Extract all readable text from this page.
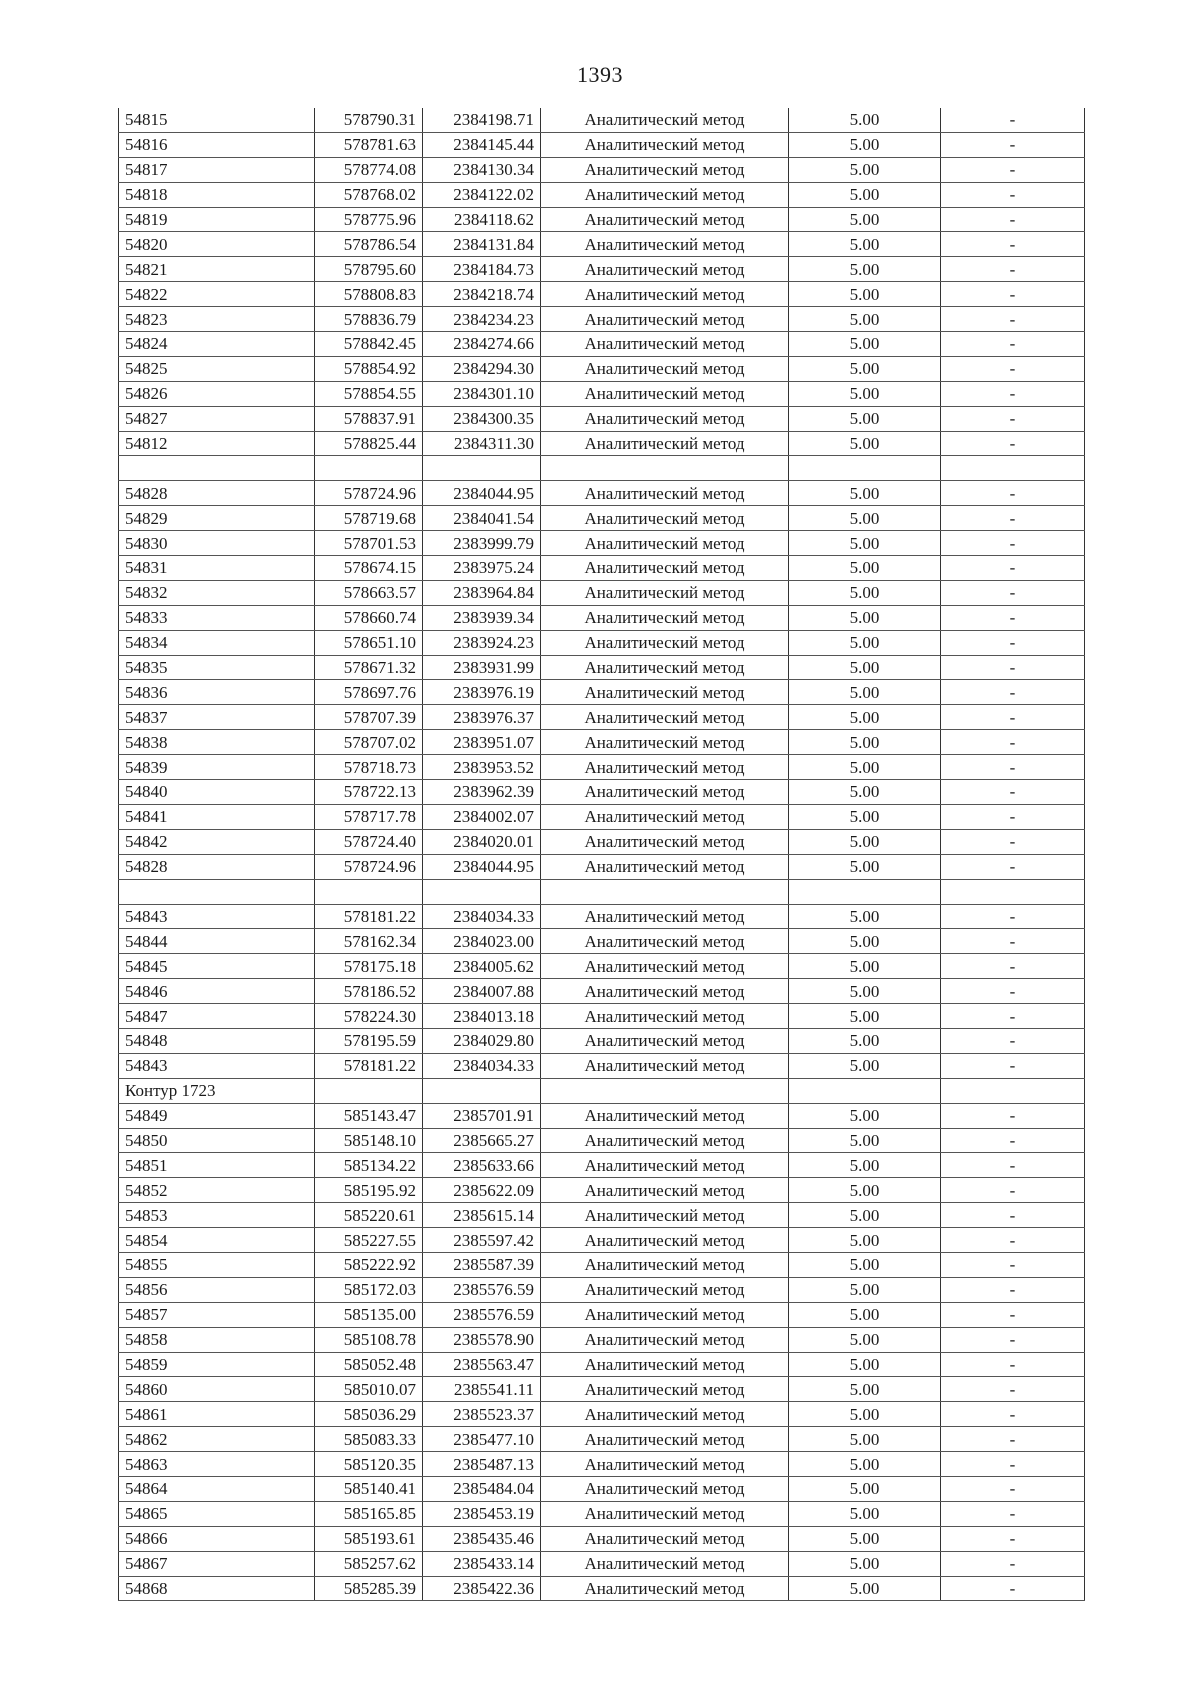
1393
54815	578790.31	2384198.71	Аналитический метод	5.00	-
54816	578781.63	2384145.44	Аналитический метод	5.00	-
54817	578774.08	2384130.34	Аналитический метод	5.00	-
54818	578768.02	2384122.02	Аналитический метод	5.00	-
54819	578775.96	2384118.62	Аналитический метод	5.00	-
54820	578786.54	2384131.84	Аналитический метод	5.00	-
54821	578795.60	2384184.73	Аналитический метод	5.00	-
54822	578808.83	2384218.74	Аналитический метод	5.00	-
54823	578836.79	2384234.23	Аналитический метод	5.00	-
54824	578842.45	2384274.66	Аналитический метод	5.00	-
54825	578854.92	2384294.30	Аналитический метод	5.00	-
54826	578854.55	2384301.10	Аналитический метод	5.00	-
54827	578837.91	2384300.35	Аналитический метод	5.00	-
54812	578825.44	2384311.30	Аналитический метод	5.00	-

54828	578724.96	2384044.95	Аналитический метод	5.00	-
54829	578719.68	2384041.54	Аналитический метод	5.00	-
54830	578701.53	2383999.79	Аналитический метод	5.00	-
54831	578674.15	2383975.24	Аналитический метод	5.00	-
54832	578663.57	2383964.84	Аналитический метод	5.00	-
54833	578660.74	2383939.34	Аналитический метод	5.00	-
54834	578651.10	2383924.23	Аналитический метод	5.00	-
54835	578671.32	2383931.99	Аналитический метод	5.00	-
54836	578697.76	2383976.19	Аналитический метод	5.00	-
54837	578707.39	2383976.37	Аналитический метод	5.00	-
54838	578707.02	2383951.07	Аналитический метод	5.00	-
54839	578718.73	2383953.52	Аналитический метод	5.00	-
54840	578722.13	2383962.39	Аналитический метод	5.00	-
54841	578717.78	2384002.07	Аналитический метод	5.00	-
54842	578724.40	2384020.01	Аналитический метод	5.00	-
54828	578724.96	2384044.95	Аналитический метод	5.00	-

54843	578181.22	2384034.33	Аналитический метод	5.00	-
54844	578162.34	2384023.00	Аналитический метод	5.00	-
54845	578175.18	2384005.62	Аналитический метод	5.00	-
54846	578186.52	2384007.88	Аналитический метод	5.00	-
54847	578224.30	2384013.18	Аналитический метод	5.00	-
54848	578195.59	2384029.80	Аналитический метод	5.00	-
54843	578181.22	2384034.33	Аналитический метод	5.00	-
Контур 1723					
54849	585143.47	2385701.91	Аналитический метод	5.00	-
54850	585148.10	2385665.27	Аналитический метод	5.00	-
54851	585134.22	2385633.66	Аналитический метод	5.00	-
54852	585195.92	2385622.09	Аналитический метод	5.00	-
54853	585220.61	2385615.14	Аналитический метод	5.00	-
54854	585227.55	2385597.42	Аналитический метод	5.00	-
54855	585222.92	2385587.39	Аналитический метод	5.00	-
54856	585172.03	2385576.59	Аналитический метод	5.00	-
54857	585135.00	2385576.59	Аналитический метод	5.00	-
54858	585108.78	2385578.90	Аналитический метод	5.00	-
54859	585052.48	2385563.47	Аналитический метод	5.00	-
54860	585010.07	2385541.11	Аналитический метод	5.00	-
54861	585036.29	2385523.37	Аналитический метод	5.00	-
54862	585083.33	2385477.10	Аналитический метод	5.00	-
54863	585120.35	2385487.13	Аналитический метод	5.00	-
54864	585140.41	2385484.04	Аналитический метод	5.00	-
54865	585165.85	2385453.19	Аналитический метод	5.00	-
54866	585193.61	2385435.46	Аналитический метод	5.00	-
54867	585257.62	2385433.14	Аналитический метод	5.00	-
54868	585285.39	2385422.36	Аналитический метод	5.00	-
